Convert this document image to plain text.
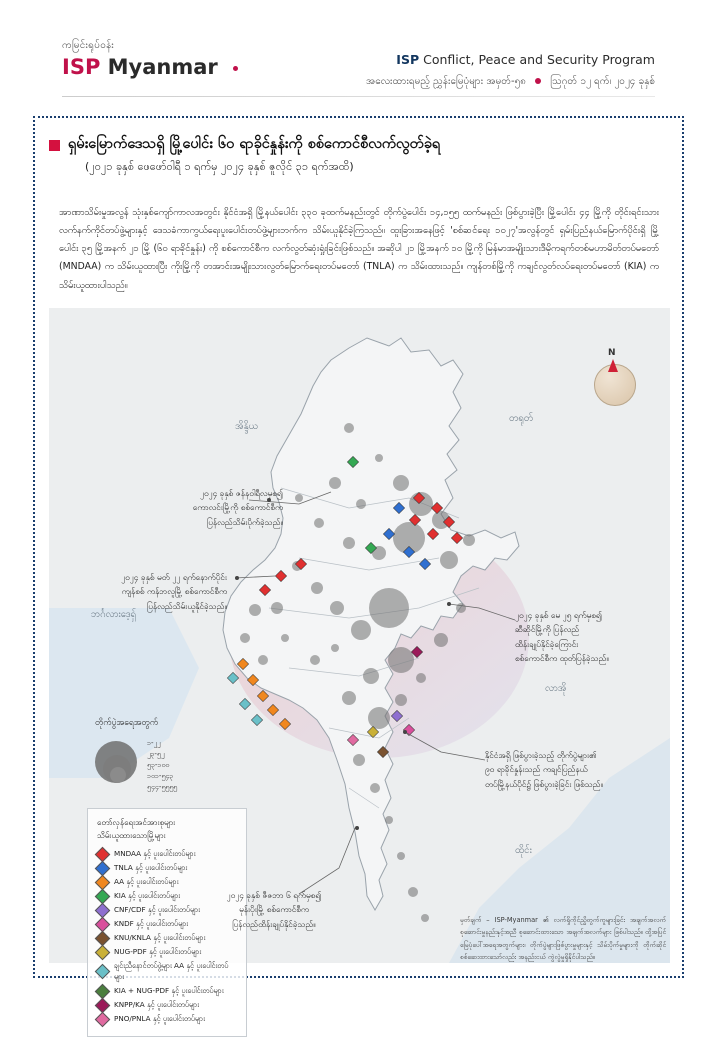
ကမြင်းရုပ်ဝန်း
ISP Myanmar	ISP Conflict, Peace and Security Program
အလေးထားရမည့် ညွှန်းမြေပုံများ အမှတ်-၅၈ ဩဂုတ် ၁၂ ရက်၊ ၂၀၂၄ ခုနှစ်
ရှမ်းမြောက်ဒေသရှိ မြို့ပေါင်း ၆၀ ရာခိုင်နှုန်းကို စစ်ကောင်စီလက်လွတ်ခဲ့ရ
(၂၀၂၁ ခုနှစ် ဖေဖော်ဝါရီ ၁ ရက်မှ ၂၀၂၄ ခုနှစ် ဇူလိုင် ၃၁ ရက်အထိ)
အာဏာသိမ်းမှုအလွန် သုံးနှစ်ကျော်ကာလအတွင်း နိုင်ငံအရှိ မြို့နယ်ပေါင်း ၃၃၀ ခုထက်မနည်းတွင် တိုက်ပွဲပေါင်း ၁၄,၁၅၅ ထက်မနည်း ဖြစ်ပွားခဲ့ပြီး မြို့ပေါင်း ၄၄ မြို့ကို တိုင်းရင်းသားလက်နက်ကိုင်တပ်ဖွဲ့များနှင့် ဒေသခံကာကွယ်ရေးပူးပေါင်းတပ်ဖွဲ့များဘက်က သိမ်းယူနိုင်ခဲ့ကြသည်။ ထူးခြားအနေဖြင့် 'စစ်ဆင်ရေး ၁၀၂၇'အလွန်တွင် ရှမ်းပြည်နယ်မြောက်ပိုင်းရှိ မြို့ပေါင်း ၃၅ မြို့အနက် ၂၁ မြို့ (၆၀ ရာခိုင်နှုန်း) ကို စစ်ကောင်စီက လက်လွတ်ဆုံးရှုံးခြင်းဖြစ်သည်။ အဆိုပါ ၂၁ မြို့အနက် ၁၀ မြို့ကို မြန်မာအမျိုးသားဒီမိုကရက်တစ်မဟာမိတ်တပ်မတော် (MNDAA) က သိမ်းယူထားပြီး ကိုးမြို့ကို တအာင်းအမျိုးသားလွတ်မြောက်ရေးတပ်မတော် (TNLA) က သိမ်းထားသည်။ ကျန်တစ်မြို့ကို ကချင်လွတ်လပ်ရေးတပ်မတော် (KIA) က သိမ်းယူထားပါသည်။
အိန္ဒိယ
တရုတ်
ဘင်္ဂလားဒေ့ရှ်
လာအို
ထိုင်း
N
တိုက်ပွဲအရေအတွက်
၁-၂၂
၂၃-၅၂
၅၃-၁၀၀
၁၀၁-၅၄၃
၅၄၄-၅၅၅၅
တော်လှန်ရေးအင်အားစုများ
သိမ်းယူထားသောမြို့များ
MNDAA နှင့် ပူးပေါင်းတပ်များ
TNLA နှင့် ပူးပေါင်းတပ်များ
AA နှင့် ပူးပေါင်းတပ်များ
KIA နှင့် ပူးပေါင်းတပ်များ
CNF/CDF နှင့် ပူးပေါင်းတပ်များ
KNDF နှင့် ပူးပေါင်းတပ်များ
KNU/KNLA နှင့် ပူးပေါင်းတပ်များ
NUG-PDF နှင့် ပူးပေါင်းတပ်များ
ချင်းညီနောင်တပ်ဖွဲ့များ AA နှင့် ပူးပေါင်းတပ်များ
KIA + NUG-PDF နှင့် ပူးပေါင်းတပ်များ
KNPP/KA နှင့် ပူးပေါင်းတပ်များ
PNO/PNLA နှင့် ပူးပေါင်းတပ်များ
၂၀၂၄ ခုနှစ် ဇန်နဝါရီလမှစ၍
ကောလင်းမြို့ကို စစ်ကောင်စီက
ပြန်လည်သိမ်းပိုက်ခဲ့သည်။
၂၀၂၄ ခုနှစ် မတ် ၂၂ ရက်နောက်ပိုင်း
ကျန်စစ် ကန်ဘလူမြို့ စစ်ကောင်စီက
ပြန်လည်သိမ်းယူနိုင်ခဲ့သည်။
၂၀၂၄ ခုနှစ် မေ ၂၅ ရက်မှစ၍
ဆီဆိုင်မြို့ကို ပြန်လည်
ထိန်းချုပ်နိုင်ခဲ့ကြောင်း
စစ်ကောင်စီက ထုတ်ပြန်ခဲ့သည်။
နိုင်ငံအရှိ ဖြစ်ပွားခဲ့သည့် တိုက်ပွဲများ၏
၉၀ ရာခိုင်နှုန်းသည် ကချင်ပြည်နယ်
တပ်မြို့နယ်ပိုင်၌ ဖြစ်ပွားခဲ့ခြင်း ဖြစ်သည်။
၂၀၂၄ ခုနှစ် ဇီဇဘာ ၆ ရက်မှစ၍
မုန်းပိုးမြို့ စစ်ကောင်စီက
ပြန်လည်ထိန်းချုပ်နိုင်ခဲ့သည်။	မှတ်ချက် – ISP-Myanmar ၏ လက်ရှိကိုင်ညွှိတွက်ကူများခြင်း အချက်အလက် စုဆောင်းမှုနည်းနှင့်အညီ စုဆောင်းထားသော အချက်အလက်များ ဖြစ်ပါသည်။ ထို့အပြင် မြေပုံပေါ်အရေအတွက်များ၊ တိုက်ပွဲများဖြစ်ပွားမှုများနှင့် သိမ်းပိုက်မှုများကို တိုက်ဆိုင်စစ်ဆေးထားသော်လည်း အနည်းငယ် ကွဲလွဲမှုရှိနိုင်ပါသည်။
